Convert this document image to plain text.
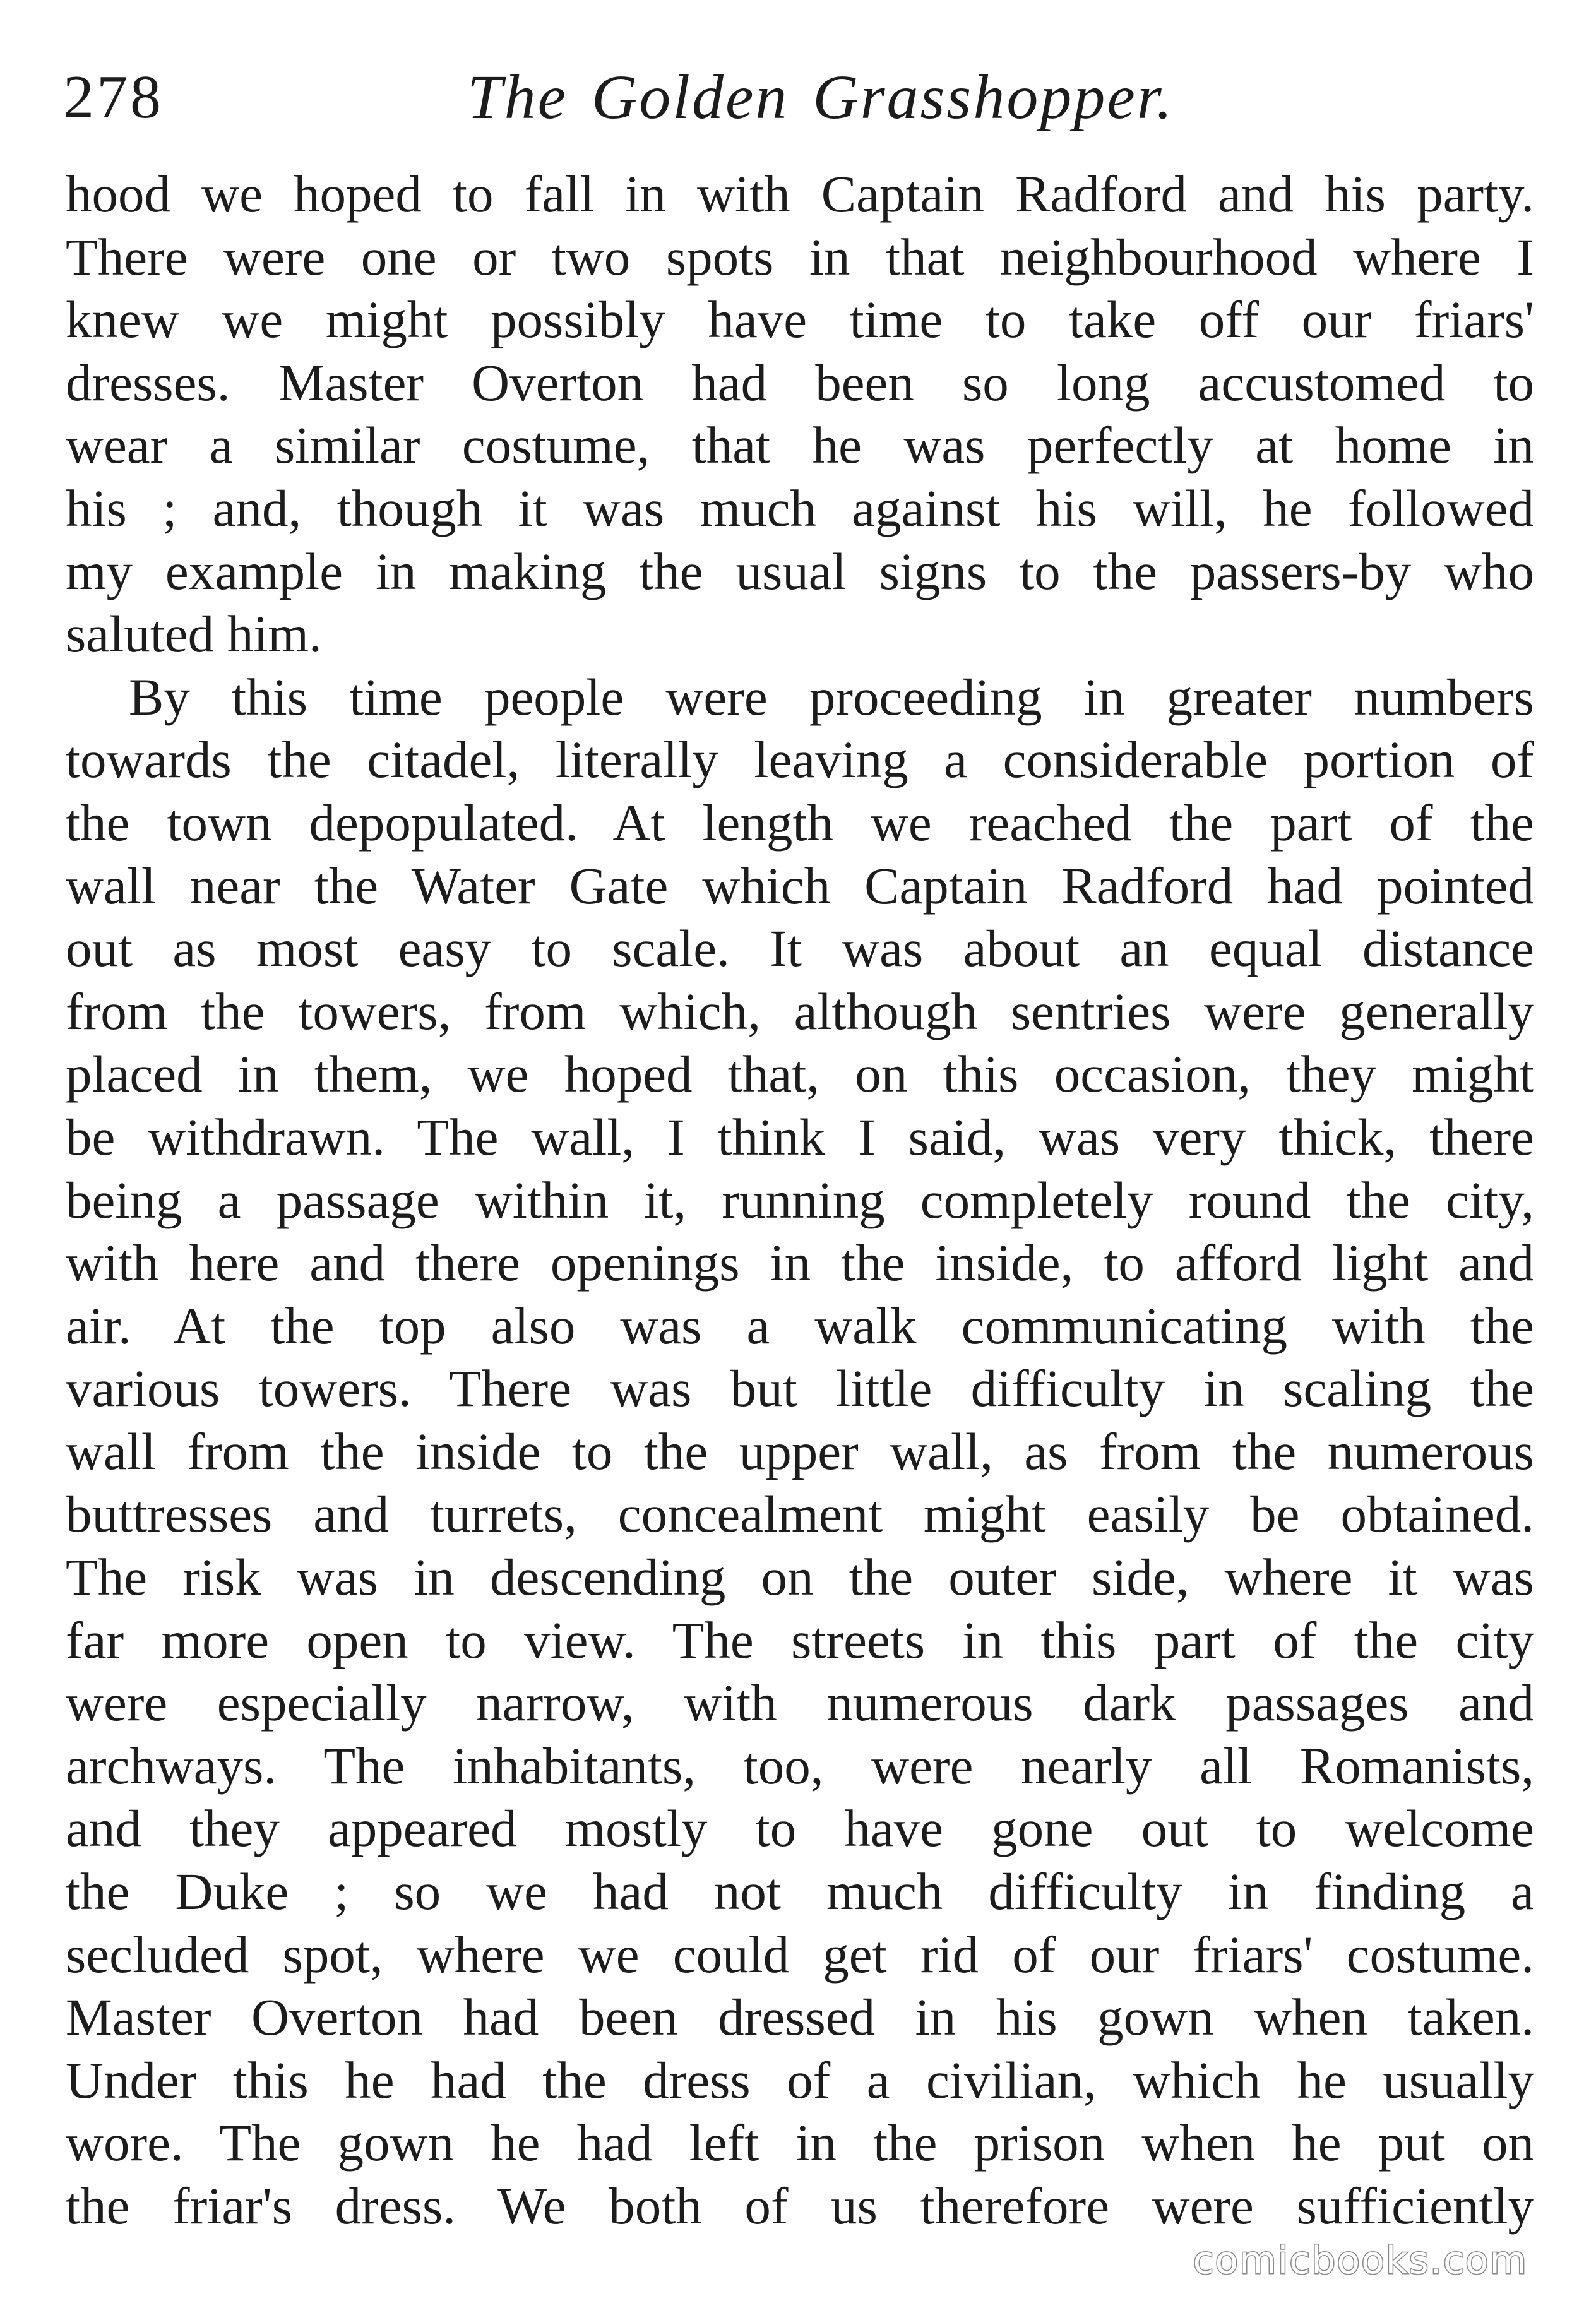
278	The Golden Grasshopper.
hood we hoped to fall in with Captain Radford and his party.
There were one or two spots in that neighbourhood where I
knew we might possibly have time to take off our friars'
dresses. Master Overton had been so long accustomed to
wear a similar costume, that he was perfectly at home in
his ; and, though it was much against his will, he followed
my example in making the usual signs to the passers-by who
saluted him.
By this time people were proceeding in greater numbers
towards the citadel, literally leaving a considerable portion of
the town depopulated. At length we reached the part of the
wall near the Water Gate which Captain Radford had pointed
out as most easy to scale. It was about an equal distance
from the towers, from which, although sentries were generally
placed in them, we hoped that, on this occasion, they might
be withdrawn. The wall, I think I said, was very thick, there
being a passage within it, running completely round the city,
with here and there openings in the inside, to afford light and
air. At the top also was a walk communicating with the
various towers. There was but little difficulty in scaling the
wall from the inside to the upper wall, as from the numerous
buttresses and turrets, concealment might easily be obtained.
The risk was in descending on the outer side, where it was
far more open to view. The streets in this part of the city
were especially narrow, with numerous dark passages and
archways. The inhabitants, too, were nearly all Romanists,
and they appeared mostly to have gone out to welcome
the Duke ; so we had not much difficulty in finding a
secluded spot, where we could get rid of our friars' costume.
Master Overton had been dressed in his gown when taken.
Under this he had the dress of a civilian, which he usually
wore. The gown he had left in the prison when he put on
the friar's dress. We both of us therefore were sufficiently
comicbooks.com
